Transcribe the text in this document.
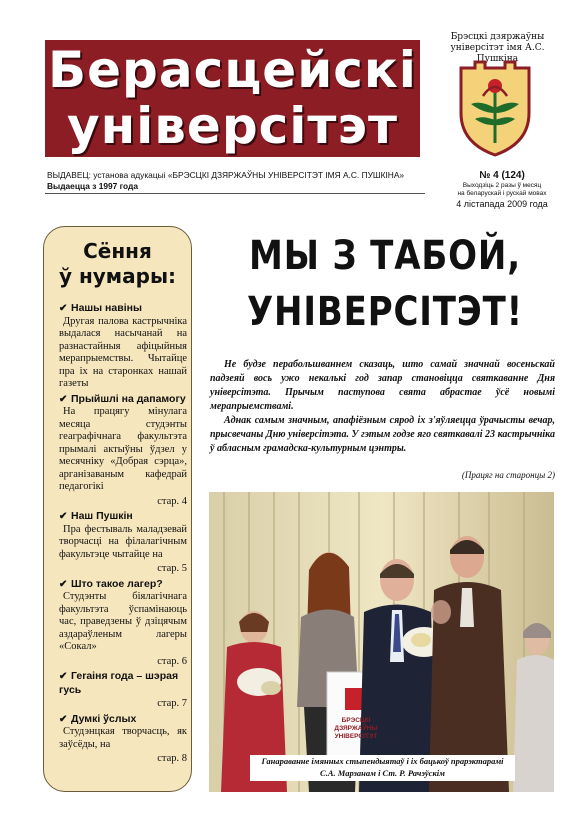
Берасцейскі
універсітэт
Брэсцкі дзяржаўны
універсітэт імя А.С. Пушкіна
ВЫДАВЕЦ: установа адукацыі «БРЭСЦКІ ДЗЯРЖАЎНЫ УНІВЕРСІТЭТ ІМЯ А.С. ПУШКІНА»
Выдаецца з 1997 года
№ 4 (124)
Выходзіць 2 разы ў месяц
на беларускай і рускай мовах
4 лістапада 2009 года
Сёння
ў нумары:
✔ Нашы навіны
Другая палова кастрычніка выдалася насычанай на разнастайныя афіцыйныя мерапрыемствы. Чытайце пра іх на старонках нашай газеты
✔ Прыйшлі на дапамогу
На працягу мінулага месяца студэнты геаграфічнага факультэта прымалі актыўны ўдзел у месячніку «Добрая сэрца», арганізаваным кафедрай педагогікі
стар. 4
✔ Наш Пушкін
Пра фестываль маладзевай творчасці на філалагічным факультэце чытайце на
стар. 5
✔ Што такое лагер?
Студэнты біялагічнага факультэта ўспамінаюць час, праведзены ў дзіцячым аздараўленым лагеры «Сокал»
стар. 6
✔ Геraіня года – шэрая гусь
стар. 7
✔ Думкі ўслых
Студэнцкая творчасць, як заўсёды, на
стар. 8
МЫ З ТАБОЙ,
УНІВЕРСІТЭТ!

Не будзе перабольшваннем сказаць, што самай значнай восеньскай падзеяй вось ужо некалькі год запар становіцца святкаванне Дня універсітэта. Прычым паступова свята абрастае ўсё новымі мерапрыемствамі.

Аднак самым значным, апафіёзным сярод іх з'яўляецца ўрачысты вечар, прысвечаны Дню універсітэта. У гэтым годзе яго святкавалі 23 кастрычніка ў абласным грамадска-культурным цэнтры.

(Працяг на старонцы 2)
БРЭСЦКІ
ДЗЯРЖАЎНЫ
УНІВЕРСІТЭТ
Ганараванне імянных стыпендыятаў і іх бацькоў прарэктарамі
С.А. Марзанам і Ст. Р. Рачэўскім
